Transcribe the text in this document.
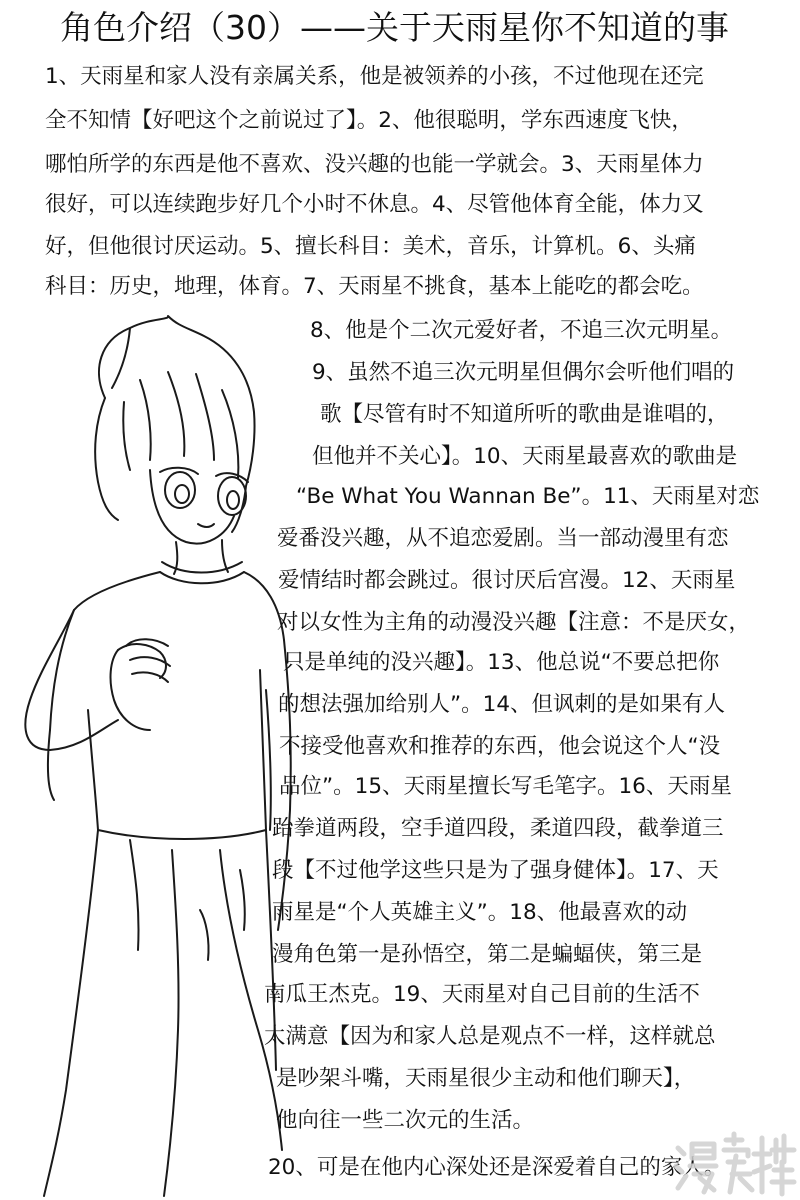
角色介绍（30）——关于天雨星你不知道的事
1、天雨星和家人没有亲属关系，他是被领养的小孩，不过他现在还完
全不知情【好吧这个之前说过了】。2、他很聪明，学东西速度飞快，
哪怕所学的东西是他不喜欢、没兴趣的也能一学就会。3、天雨星体力
很好，可以连续跑步好几个小时不休息。4、尽管他体育全能，体力又
好，但他很讨厌运动。5、擅长科目：美术，音乐，计算机。6、头痛
科目：历史，地理，体育。7、天雨星不挑食，基本上能吃的都会吃。
8、他是个二次元爱好者，不追三次元明星。
9、虽然不追三次元明星但偶尔会听他们唱的
歌【尽管有时不知道所听的歌曲是谁唱的，
但他并不关心】。10、天雨星最喜欢的歌曲是
“Be What You Wannan Be”。11、天雨星对恋
爱番没兴趣，从不追恋爱剧。当一部动漫里有恋
爱情结时都会跳过。很讨厌后宫漫。12、天雨星
对以女性为主角的动漫没兴趣【注意：不是厌女，
只是单纯的没兴趣】。13、他总说“不要总把你
的想法强加给别人”。14、但讽刺的是如果有人
不接受他喜欢和推荐的东西，他会说这个人“没
品位”。15、天雨星擅长写毛笔字。16、天雨星
跆拳道两段，空手道四段，柔道四段，截拳道三
段【不过他学这些只是为了强身健体】。17、天
雨星是“个人英雄主义”。18、他最喜欢的动
漫角色第一是孙悟空，第二是蝙蝠侠，第三是
南瓜王杰克。19、天雨星对自己目前的生活不
太满意【因为和家人总是观点不一样，这样就总
是吵架斗嘴，天雨星很少主动和他们聊天】，
他向往一些二次元的生活。
20、可是在他内心深处还是深爱着自己的家人。
